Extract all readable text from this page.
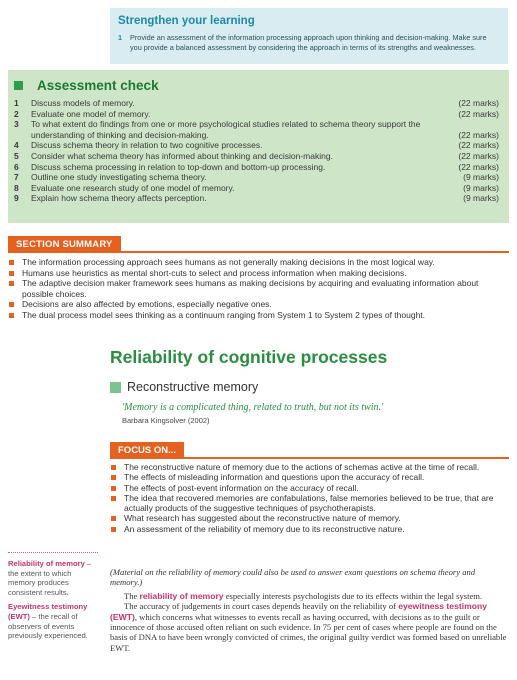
Strengthen your learning
1	Provide an assessment of the information processing approach upon thinking and decision-making. Make sure you provide a balanced assessment by considering the approach in terms of its strengths and weaknesses.
Assessment check
1	Discuss models of memory.	(22 marks)
2	Evaluate one model of memory.	(22 marks)
3	To what extent do findings from one or more psychological studies related to schema theory support the understanding of thinking and decision-making.	(22 marks)
4	Discuss schema theory in relation to two cognitive processes.	(22 marks)
5	Consider what schema theory has informed about thinking and decision-making.	(22 marks)
6	Discuss schema processing in relation to top-down and bottom-up processing.	(22 marks)
7	Outline one study investigating schema theory.	(9 marks)
8	Evaluate one research study of one model of memory.	(9 marks)
9	Explain how schema theory affects perception.	(9 marks)
SECTION SUMMARY
The information processing approach sees humans as not generally making decisions in the most logical way.
Humans use heuristics as mental short-cuts to select and process information when making decisions.
The adaptive decision maker framework sees humans as making decisions by acquiring and evaluating information about possible choices.
Decisions are also affected by emotions, especially negative ones.
The dual process model sees thinking as a continuum ranging from System 1 to System 2 types of thought.
Reliability of cognitive processes
Reconstructive memory
'Memory is a complicated thing, related to truth, but not its twin.'
Barbara Kingsolver (2002)
FOCUS ON...
The reconstructive nature of memory due to the actions of schemas active at the time of recall.
The effects of misleading information and questions upon the accuracy of recall.
The effects of post-event information on the accuracy of recall.
The idea that recovered memories are confabulations, false memories believed to be true, that are actually products of the suggestive techniques of psychotherapists.
What research has suggested about the reconstructive nature of memory.
An assessment of the reliability of memory due to its reconstructive nature.
Reliability of memory – the extent to which memory produces consistent results.
Eyewitness testimony (EWT) – the recall of observers of events previously experienced.

(Material on the reliability of memory could also be used to answer exam questions on schema theory and memory.)

The reliability of memory especially interests psychologists due to its effects within the legal system.

The accuracy of judgements in court cases depends heavily on the reliability of eyewitness testimony (EWT), which concerns what witnesses to events recall as having occurred, with decisions as to the guilt or innocence of those accused often reliant on such evidence. In 75 per cent of cases where people are found on the basis of DNA to have been wrongly convicted of crimes, the original guilty verdict was formed based on unreliable EWT.
